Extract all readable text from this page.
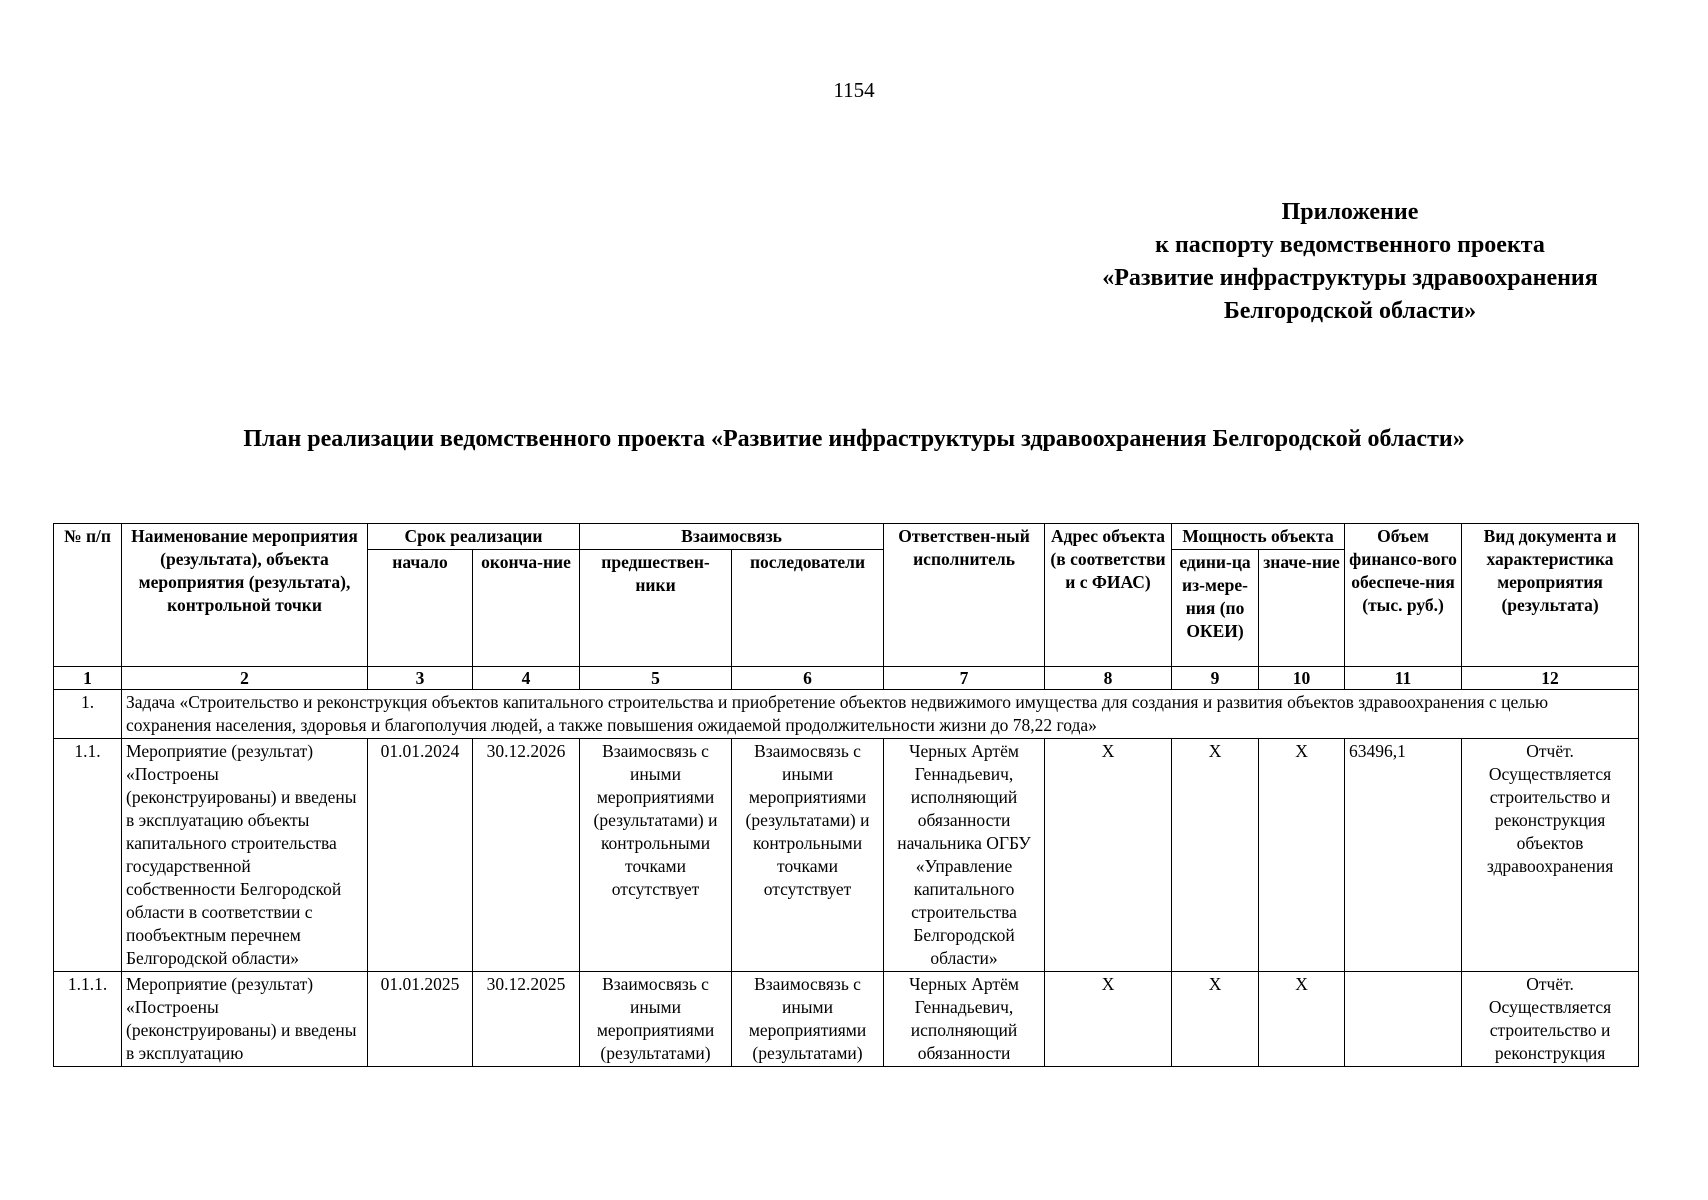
1154
Приложение
к паспорту ведомственного проекта
«Развитие инфраструктуры здравоохранения
Белгородской области»
План реализации ведомственного проекта «Развитие инфраструктуры здравоохранения Белгородской области»
№ п/п	Наименование мероприятия (результата), объекта мероприятия (результата), контрольной точки	Срок реализации		Взаимосвязь		Ответствен-ный исполнитель	Адрес объекта (в соответстви и с ФИАС)	Мощность объекта		Объем финансо-вого обеспече-ния (тыс. руб.)	Вид документа и характеристика мероприятия (результата)
		начало	оконча-ние	предшествен-ники	последователи			едини-ца из-мере-ния (по ОКЕИ)	значе-ние		
1	2	3	4	5	6	7	8	9	10	11	12
1.	Задача «Строительство и реконструкция объектов капитального строительства и приобретение объектов недвижимого имущества для создания и развития объектов здравоохранения с целью сохранения населения, здоровья и благополучия людей, а также повышения ожидаемой продолжительности жизни до 78,22 года»										
1.1.	Мероприятие (результат) «Построены (реконструированы) и введены в эксплуатацию объекты капитального строительства государственной собственности Белгородской области в соответствии с пообъектным перечнем Белгородской области»	01.01.2024	30.12.2026	Взаимосвязь с иными мероприятиями (результатами) и контрольными точками отсутствует	Взаимосвязь с иными мероприятиями (результатами) и контрольными точками отсутствует	Черных Артём Геннадьевич, исполняющий обязанности начальника ОГБУ «Управление капитального строительства Белгородской области»	X	X	X	63496,1	Отчёт. Осуществляется строительство и реконструкция объектов здравоохранения
1.1.1.	Мероприятие (результат) «Построены (реконструированы) и введены в эксплуатацию	01.01.2025	30.12.2025	Взаимосвязь с иными мероприятиями (результатами)	Взаимосвязь с иными мероприятиями (результатами)	Черных Артём Геннадьевич, исполняющий обязанности	X	X	X		Отчёт. Осуществляется строительство и реконструкция
